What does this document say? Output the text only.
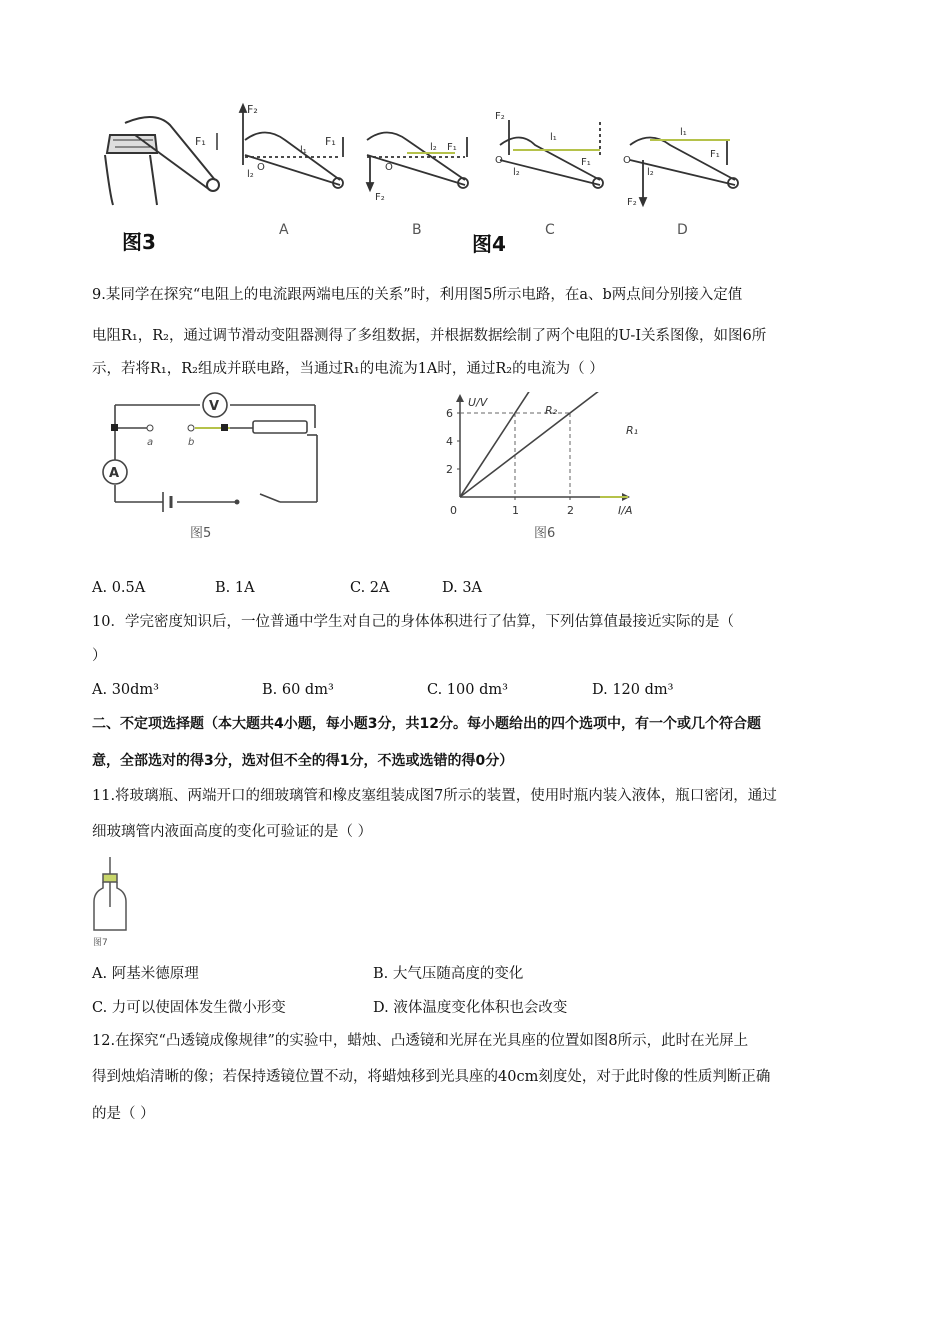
F₁
F₂
F₁
l₁
l₂
O
l₂ F₁
F₂
O
F₂
l₁
l₂
F₁
O
l₁
l₂
F₁
F₂
O
图3	图4
A	B	C	D
9.某同学在探究“电阻上的电流跟两端电压的关系”时，利用图5所示电路，在a、b两点间分别接入定值
电阻R₁，R₂，通过调节滑动变阻器测得了多组数据，并根据数据绘制了两个电阻的U-I关系图像，如图6所
示，若将R₁，R₂组成并联电路，当通过R₁的电流为1A时，通过R₂的电流为（ ）
V
A
a	b
图5
2
4
6
1	2
U/V
I/A
0
R₂
R₁
图6
A. 0.5A	B. 1A	C. 2A	D. 3A
10．学完密度知识后，一位普通中学生对自己的身体体积进行了估算，下列估算值最接近实际的是（
）
A. 30dm³	B. 60 dm³	C. 100 dm³	D. 120 dm³
二、不定项选择题（本大题共4小题，每小题3分，共12分。每小题给出的四个选项中，有一个或几个符合题
意，全部选对的得3分，选对但不全的得1分，不选或选错的得0分）
11.将玻璃瓶、两端开口的细玻璃管和橡皮塞组装成图7所示的装置，使用时瓶内装入液体，瓶口密闭，通过
细玻璃管内液面高度的变化可验证的是（ ）
图7
A. 阿基米德原理	B. 大气压随高度的变化
C. 力可以使固体发生微小形变	D. 液体温度变化体积也会改变
12.在探究“凸透镜成像规律”的实验中，蜡烛、凸透镜和光屏在光具座的位置如图8所示，此时在光屏上
得到烛焰清晰的像；若保持透镜位置不动，将蜡烛移到光具座的40cm刻度处，对于此时像的性质判断正确
的是（ ）
